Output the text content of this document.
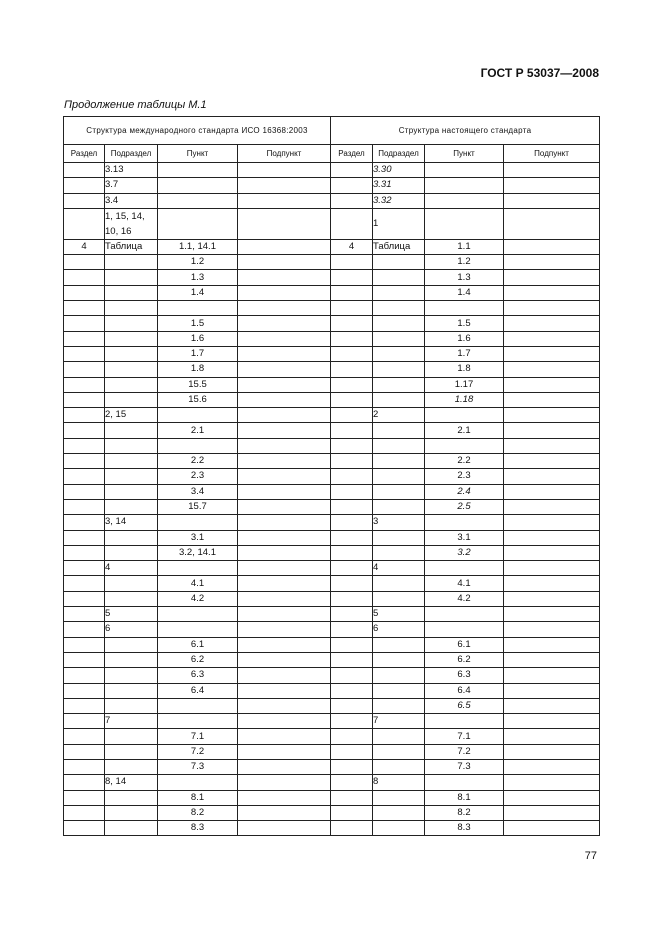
ГОСТ Р 53037—2008
Продолжение таблицы М.1
Структура международного стандарта ИСО 16368:2003				Структура настоящего стандарта			
Раздел	Подраздел	Пункт	Подпункт	Раздел	Подраздел	Пункт	Подпункт
	3.13				3.30		
	3.7				3.31		
	3.4				3.32		
	1, 15, 14, 10, 16				1		
4	Таблица	1.1, 14.1		4	Таблица	1.1	
		1.2				1.2	
		1.3				1.3	
		1.4				1.4	

		1.5				1.5	
		1.6				1.6	
		1.7				1.7	
		1.8				1.8	
		15.5				1.17	
		15.6				1.18	
	2, 15				2		
		2.1				2.1	

		2.2				2.2	
		2.3				2.3	
		3.4				2.4	
		15.7				2.5	
	3, 14				3		
		3.1				3.1	
		3.2, 14.1				3.2	
	4				4		
		4.1				4.1	
		4.2				4.2	
	5				5		
	6				6		
		6.1				6.1	
		6.2				6.2	
		6.3				6.3	
		6.4				6.4	
						6.5	
	7				7		
		7.1				7.1	
		7.2				7.2	
		7.3				7.3	
	8, 14				8		
		8.1				8.1	
		8.2				8.2	
		8.3				8.3	
77
